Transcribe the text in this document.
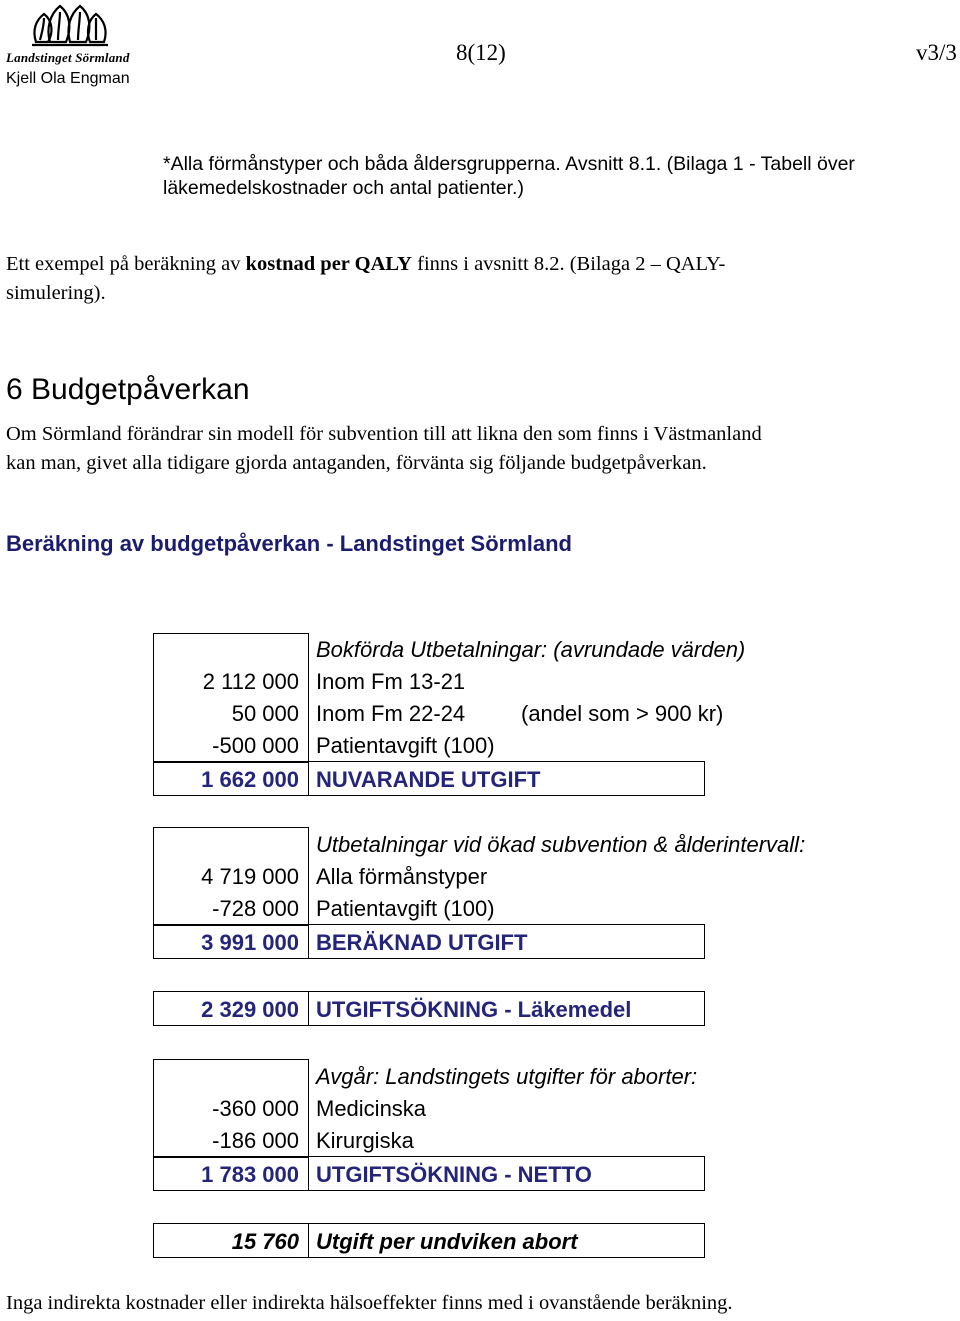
Landstinget Sörmland
Kjell Ola Engman
8(12)	v3/3
*Alla förmånstyper och båda åldersgrupperna. Avsnitt 8.1. (Bilaga 1 - Tabell över läkemedelskostnader och antal patienter.)
Ett exempel på beräkning av kostnad per QALY finns i avsnitt 8.2. (Bilaga 2 – QALY-
simulering).
6 Budgetpåverkan
Om Sörmland förändrar sin modell för subvention till att likna den som finns i Västmanland
kan man, givet alla tidigare gjorda antaganden, förvänta sig följande budgetpåverkan.
Beräkning av budgetpåverkan - Landstinget Sörmland
Bokförda Utbetalningar: (avrundade värden)
2 112 000 Inom Fm 13-21
50 000 Inom Fm 22-24	(andel som > 900 kr)
-500 000 Patientavgift (100)
1 662 000 NUVARANDE UTGIFT
Utbetalningar vid ökad subvention & ålderintervall:
4 719 000 Alla förmånstyper
-728 000 Patientavgift (100)
3 991 000 BERÄKNAD UTGIFT
2 329 000 UTGIFTSÖKNING - Läkemedel
Avgår: Landstingets utgifter för aborter:
-360 000 Medicinska
-186 000 Kirurgiska
1 783 000 UTGIFTSÖKNING - NETTO
15 760 Utgift per undviken abort
Inga indirekta kostnader eller indirekta hälsoeffekter finns med i ovanstående beräkning.
